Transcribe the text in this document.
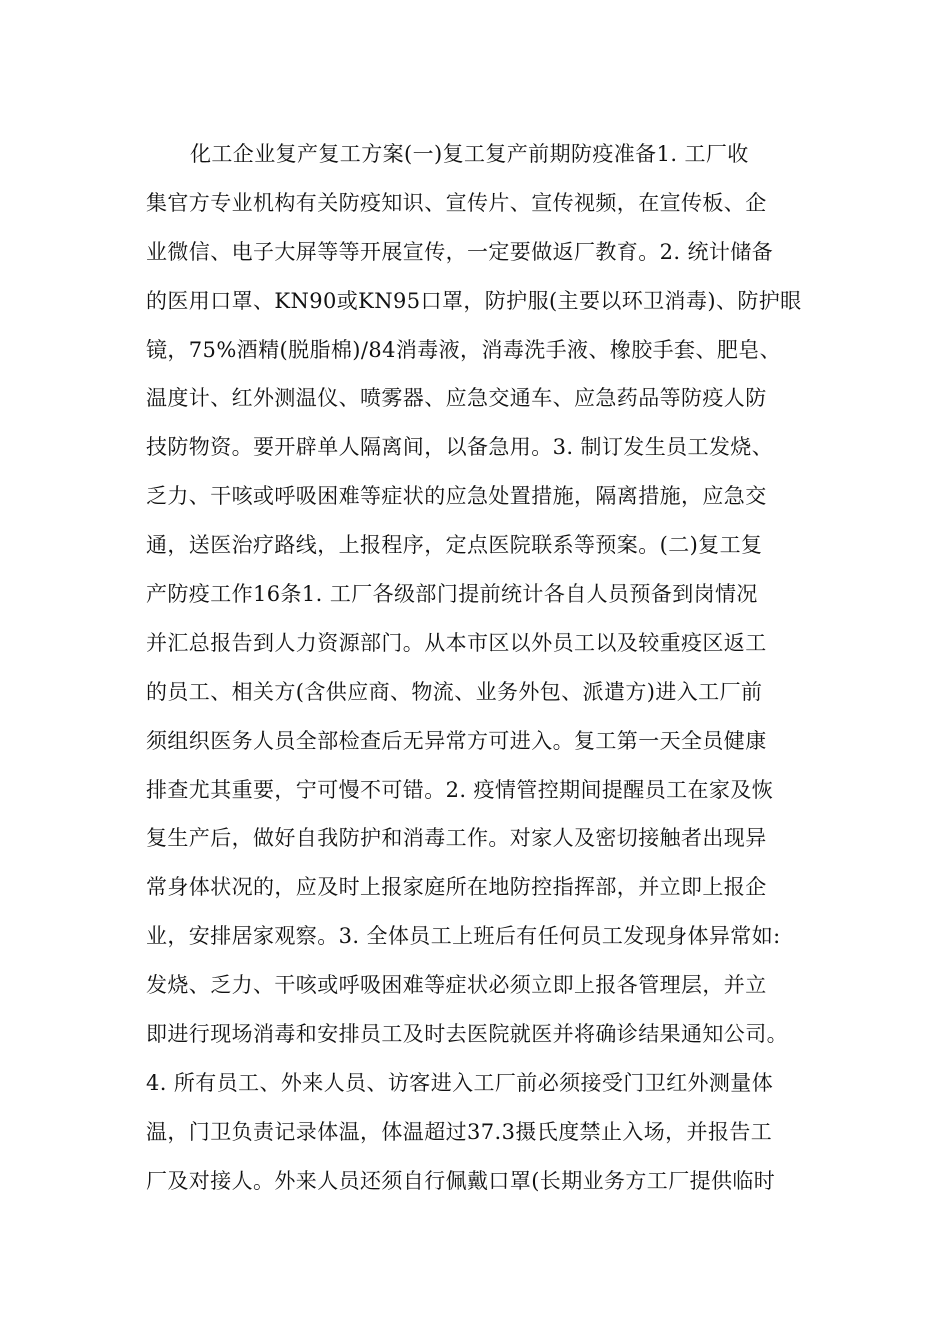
化工企业复产复工方案(一)复工复产前期防疫准备1. 工厂收
集官方专业机构有关防疫知识、宣传片、宣传视频，在宣传板、企
业微信、电子大屏等等开展宣传，一定要做返厂教育。2. 统计储备
的医用口罩、KN90或KN95口罩，防护服(主要以环卫消毒)、防护眼
镜，75%酒精(脱脂棉)/84消毒液，消毒洗手液、橡胶手套、肥皂、
温度计、红外测温仪、喷雾器、应急交通车、应急药品等防疫人防
技防物资。要开辟单人隔离间，以备急用。3. 制订发生员工发烧、
乏力、干咳或呼吸困难等症状的应急处置措施，隔离措施，应急交
通，送医治疗路线，上报程序，定点医院联系等预案。(二)复工复
产防疫工作16条1. 工厂各级部门提前统计各自人员预备到岗情况
并汇总报告到人力资源部门。从本市区以外员工以及较重疫区返工
的员工、相关方(含供应商、物流、业务外包、派遣方)进入工厂前
须组织医务人员全部检查后无异常方可进入。复工第一天全员健康
排查尤其重要，宁可慢不可错。2. 疫情管控期间提醒员工在家及恢
复生产后，做好自我防护和消毒工作。对家人及密切接触者出现异
常身体状况的，应及时上报家庭所在地防控指挥部，并立即上报企
业，安排居家观察。3. 全体员工上班后有任何员工发现身体异常如:
发烧、乏力、干咳或呼吸困难等症状必须立即上报各管理层，并立
即进行现场消毒和安排员工及时去医院就医并将确诊结果通知公司。
4. 所有员工、外来人员、访客进入工厂前必须接受门卫红外测量体
温，门卫负责记录体温，体温超过37.3摄氏度禁止入场，并报告工
厂及对接人。外来人员还须自行佩戴口罩(长期业务方工厂提供临时
